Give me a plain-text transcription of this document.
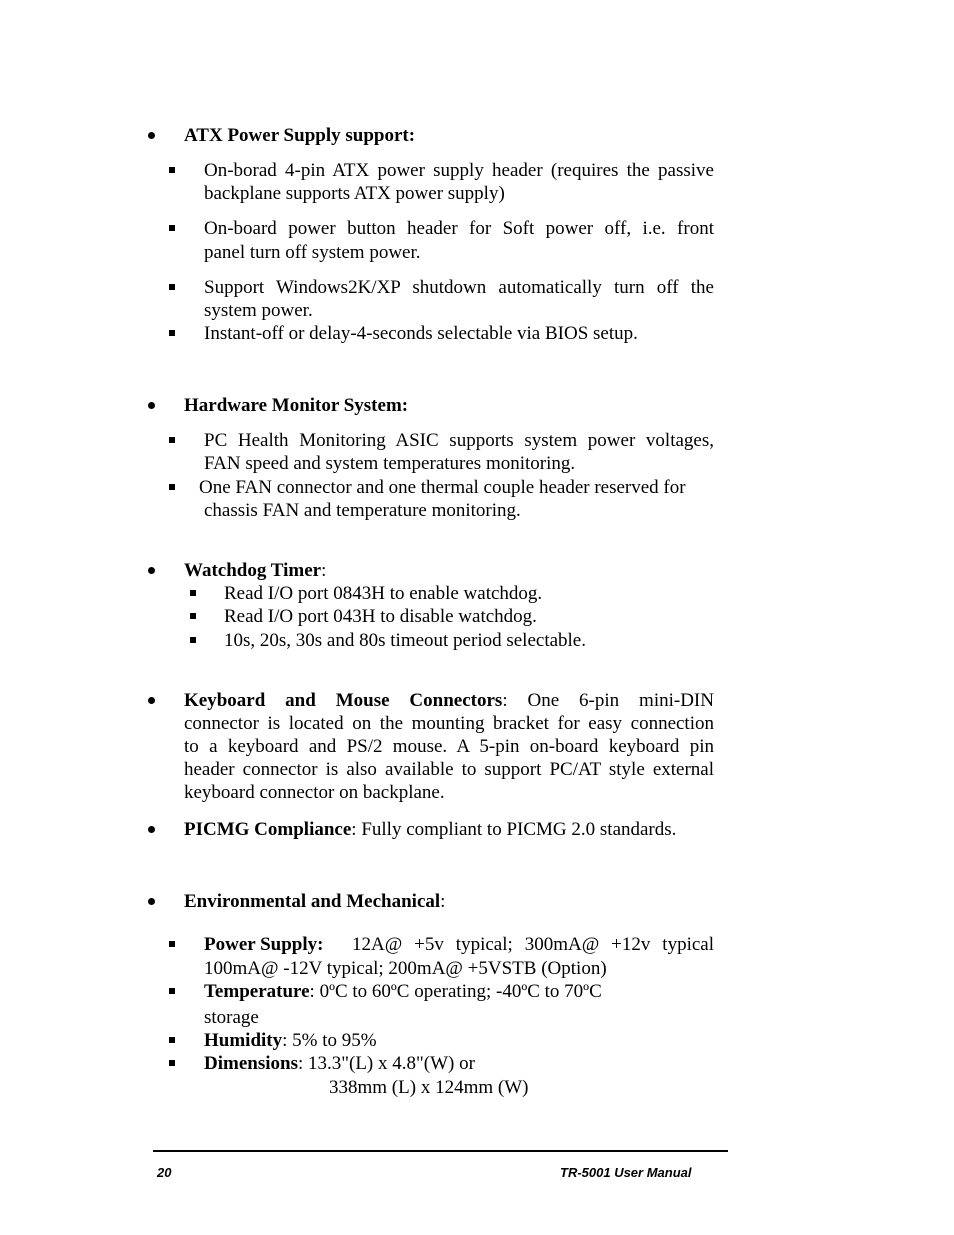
ATX Power Supply support:
On-borad 4-pin ATX power supply header (requires the passive
backplane supports ATX power supply)
On-board power button header for Soft power off, i.e. front
panel turn off system power.
Support Windows2K/XP shutdown automatically turn off the
system power.
Instant-off or delay-4-seconds selectable via BIOS setup.
Hardware Monitor System:
PC Health Monitoring ASIC supports system power voltages,
FAN speed and system temperatures monitoring.
One FAN connector and one thermal couple header reserved for
chassis FAN and temperature monitoring.
Watchdog Timer:
Read I/O port 0843H to enable watchdog.
Read I/O port 043H to disable watchdog.
10s, 20s, 30s and 80s timeout period selectable.
Keyboard and Mouse Connectors: One 6-pin mini-DIN
connector is located on the mounting bracket for easy connection
to a keyboard and PS/2 mouse. A 5-pin on-board keyboard pin
header connector is also available to support PC/AT style external
keyboard connector on backplane.
PICMG Compliance: Fully compliant to PICMG 2.0 standards.
Environmental and Mechanical:
Power Supply: 12A@ +5v typical; 300mA@ +12v typical
100mA@ -12V typical; 200mA@ +5VSTB (Option)
Temperature: 0ºC to 60ºC operating; -40ºC to 70ºC
storage
Humidity: 5% to 95%
Dimensions: 13.3"(L) x 4.8"(W) or
338mm (L) x 124mm (W)
20	TR-5001 User Manual
